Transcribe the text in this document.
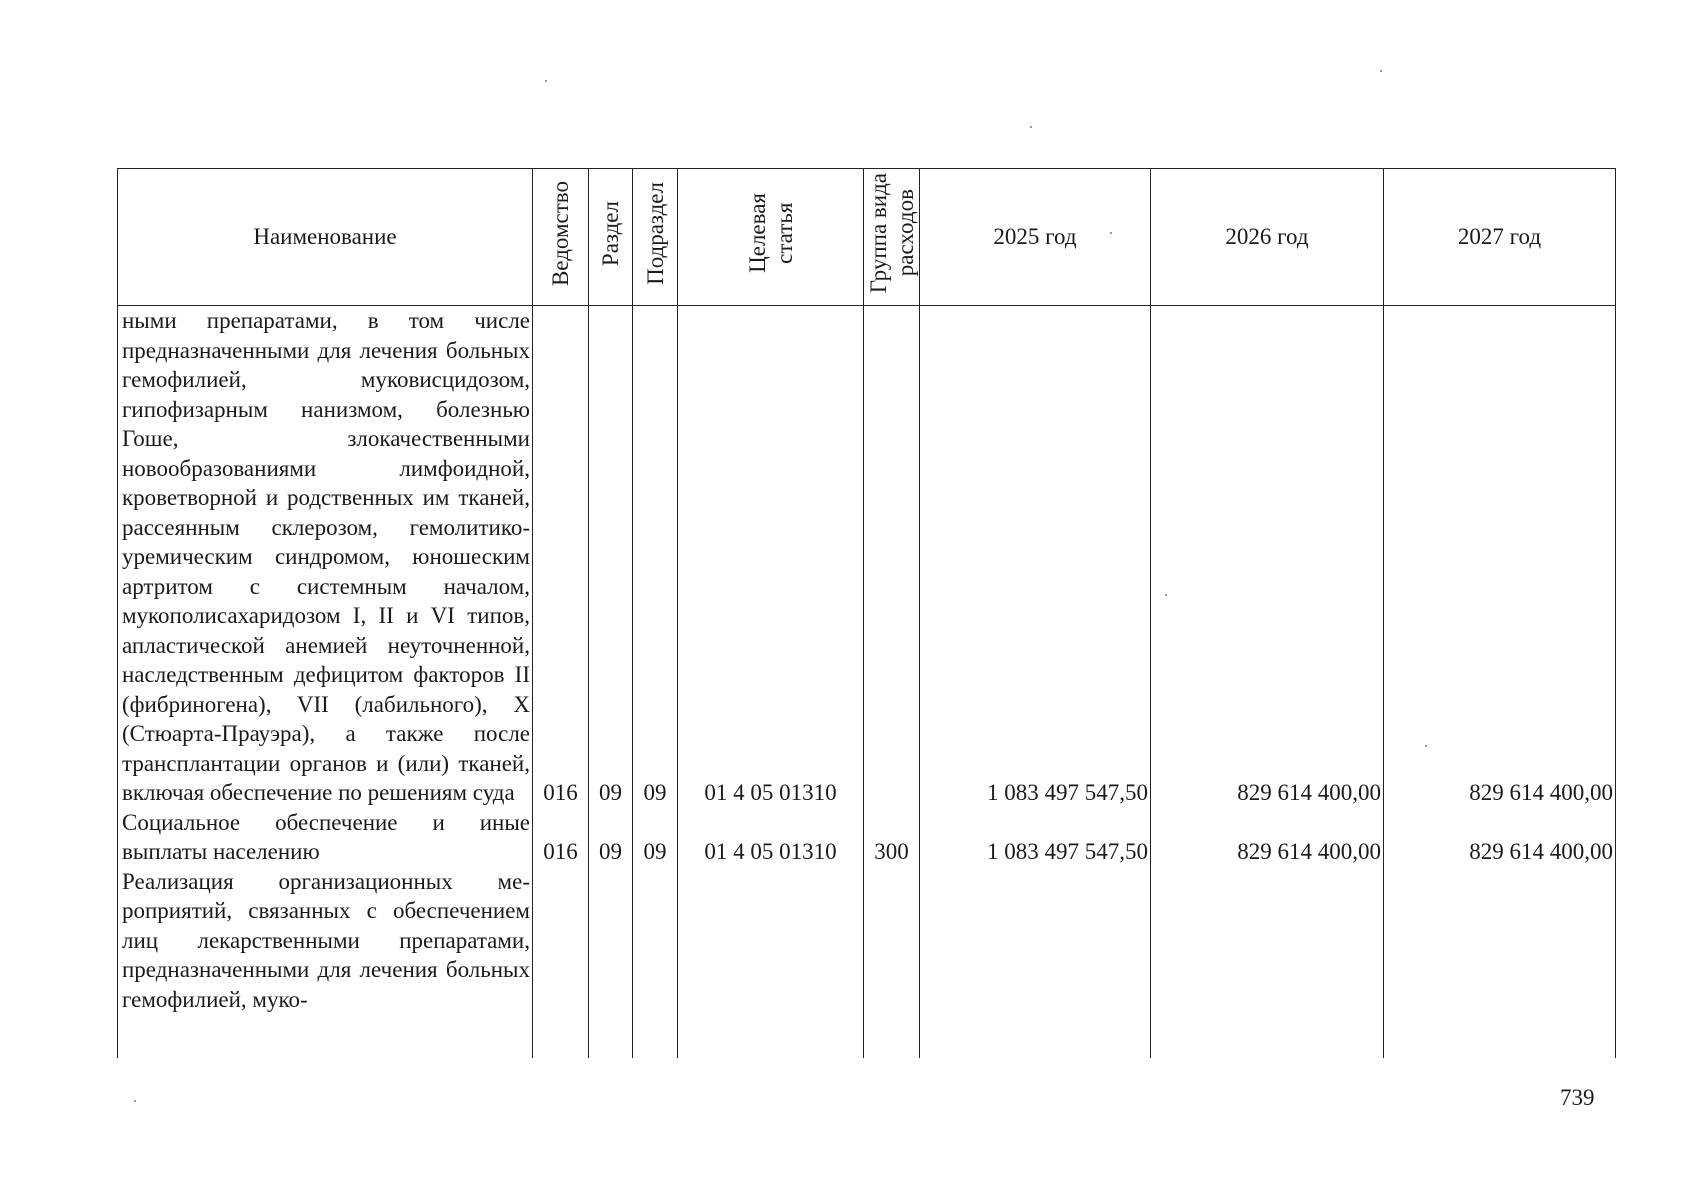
Наименование	Ведомство	Раздел	Подраздел	Целевая статья	Группа вида расходов	2025 год	2026 год	2027 год
ными препаратами, в том числе предназначенными для лечения больных гемофилией, муковисцидозом, гипофизарным нанизмом, болезнью Гоше, злокачественными новообразованиями лимфоидной, кроветворной и родственных им тканей, рассеянным склерозом, гемолитико-уремическим синдромом, юношеским артритом с системным началом, мукополисахаридозом I, II и VI типов, апластической анемией неуточненной, наследственным дефицитом факторов II (фибриногена), VII (лабильного), X (Стюарта-Прауэра), а также после трансплантации органов и (или) тканей, включая обеспечение по решениям суда	016	09	09	01 4 05 01310		1 083 497 547,50	829 614 400,00	829 614 400,00
Социальное обеспечение и иные выплаты населению	016	09	09	01 4 05 01310	300	1 083 497 547,50	829 614 400,00	829 614 400,00
Реализация организационных мероприятий, связанных с обеспечением лиц лекарственными препаратами, предназначенными для лечения больных гемофилией, муко-								

739
